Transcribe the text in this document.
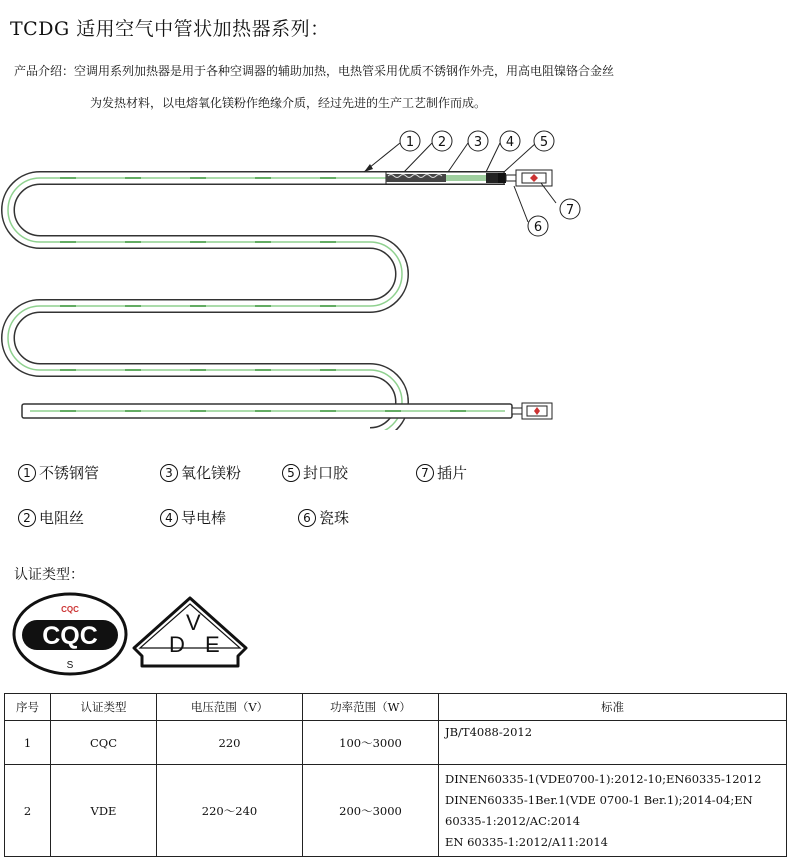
TCDG 适用空气中管状加热器系列：
产品介绍：空调用系列加热器是用于各种空调器的辅助加热，电热管采用优质不锈钢作外壳，用高电阻镍铬合金丝
为发热材料，以电熔氧化镁粉作绝缘介质，经过先进的生产工艺制作而成。
1 2 3 4 5
6
7
1 不锈钢管	3 氧化镁粉	5 封口胶	7 插片
2 电阻丝	4 导电棒	6 瓷珠
认证类型：
CQC
CQC
S
D
V
E
序号	认证类型	电压范围（V）	功率范围（W）	标准
1	CQC	220	100～3000	JB/T4088-2012

2	VDE	220～240	200～3000	DINEN60335-1(VDE0700-1):2012-10;EN60335-12012
DINEN60335-1Ber.1(VDE 0700-1 Ber.1);2014-04;EN
60335-1:2012/AC:2014
EN 60335-1:2012/A11:2014
